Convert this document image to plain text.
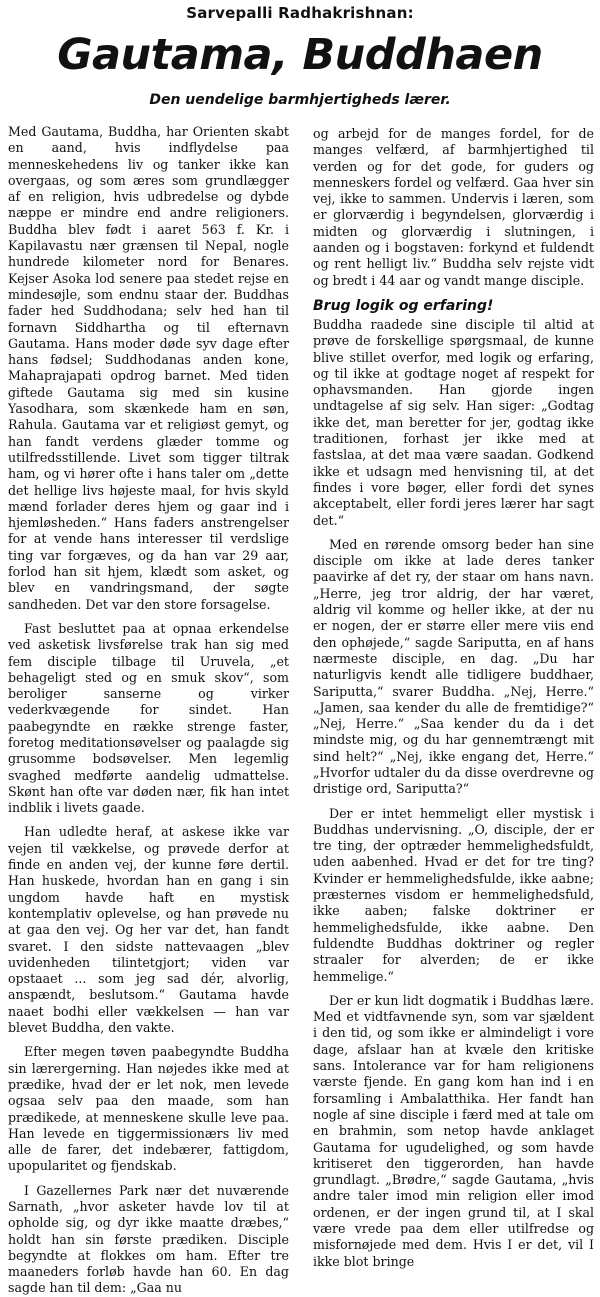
Sarvepalli Radhakrishnan:
Gautama, Buddhaen
Den uendelige barmhjertigheds lærer.

Med Gautama, Buddha, har Orienten skabt en aand, hvis indflydelse paa menneskehedens liv og tanker ikke kan overgaas, og som æres som grundlægger af en religion, hvis udbredelse og dybde næppe er mindre end andre religioners. Buddha blev født i aaret 563 f. Kr. i Kapilavastu nær grænsen til Nepal, nogle hundrede kilometer nord for Benares. Kejser Asoka lod senere paa stedet rejse en mindesøjle, som endnu staar der. Buddhas fader hed Suddhodana; selv hed han til fornavn Siddhartha og til efternavn Gautama. Hans moder døde syv dage efter hans fødsel; Suddhodanas anden kone, Mahaprajapati opdrog barnet. Med tiden giftede Gautama sig med sin kusine Yasodhara, som skænkede ham en søn, Rahula. Gautama var et religiøst gemyt, og han fandt verdens glæder tomme og utilfredsstillende. Livet som tigger tiltrak ham, og vi hører ofte i hans taler om „dette det hellige livs højeste maal, for hvis skyld mænd forlader deres hjem og gaar ind i hjemløsheden.“ Hans faders anstrengelser for at vende hans interesser til verdslige ting var forgæves, og da han var 29 aar, forlod han sit hjem, klædt som asket, og blev en vandringsmand, der søgte sandheden. Det var den store forsagelse.

Fast besluttet paa at opnaa erkendelse ved asketisk livsførelse trak han sig med fem disciple tilbage til Uruvela, „et behageligt sted og en smuk skov“, som beroliger sanserne og virker vederkvægende for sindet. Han paabegyndte en række strenge faster, foretog meditationsøvelser og paalagde sig grusomme bodsøvelser. Men legemlig svaghed medførte aandelig udmattelse. Skønt han ofte var døden nær, fik han intet indblik i livets gaade.

Han udledte heraf, at askese ikke var vejen til vækkelse, og prøvede derfor at finde en anden vej, der kunne føre dertil. Han huskede, hvordan han en gang i sin ungdom havde haft en mystisk kontemplativ oplevelse, og han prøvede nu at gaa den vej. Og her var det, han fandt svaret. I den sidste nattevaagen „blev uvidenheden tilintetgjort; viden var opstaaet ... som jeg sad dér, alvorlig, anspændt, beslutsom.“ Gautama havde naaet bodhi eller vækkelsen — han var blevet Buddha, den vakte.

Efter megen tøven paabegyndte Buddha sin lærergerning. Han nøjedes ikke med at prædike, hvad der er let nok, men levede ogsaa selv paa den maade, som han prædikede, at menneskene skulle leve paa. Han levede en tiggermissionærs liv med alle de farer, det indebærer, fattigdom, upopularitet og fjendskab.

I Gazellernes Park nær det nuværende Sarnath, „hvor asketer havde lov til at opholde sig, og dyr ikke maatte dræbes,“ holdt han sin første prædiken. Disciple begyndte at flokkes om ham. Efter tre maaneders forløb havde han 60. En dag sagde han til dem: „Gaa nu

og arbejd for de manges fordel, for de manges velfærd, af barmhjertighed til verden og for det gode, for guders og menneskers fordel og velfærd. Gaa hver sin vej, ikke to sammen. Undervis i læren, som er glorværdig i begyndelsen, glorværdig i midten og glorværdig i slutningen, i aanden og i bogstaven: forkynd et fuldendt og rent helligt liv.“ Buddha selv rejste vidt og bredt i 44 aar og vandt mange disciple.

Brug logik og erfaring!

Buddha raadede sine disciple til altid at prøve de forskellige spørgsmaal, de kunne blive stillet overfor, med logik og erfaring, og til ikke at godtage noget af respekt for ophavsmanden. Han gjorde ingen undtagelse af sig selv. Han siger: „Godtag ikke det, man beretter for jer, godtag ikke traditionen, forhast jer ikke med at fastslaa, at det maa være saadan. Godkend ikke et udsagn med henvisning til, at det findes i vore bøger, eller fordi det synes akceptabelt, eller fordi jeres lærer har sagt det.“

Med en rørende omsorg beder han sine disciple om ikke at lade deres tanker paavirke af det ry, der staar om hans navn. „Herre, jeg tror aldrig, der har været, aldrig vil komme og heller ikke, at der nu er nogen, der er større eller mere viis end den ophøjede,“ sagde Sariputta, en af hans nærmeste disciple, en dag. „Du har naturligvis kendt alle tidligere buddhaer, Sariputta,“ svarer Buddha. „Nej, Herre.“ „Jamen, saa kender du alle de fremtidige?“ „Nej, Herre.“ „Saa kender du da i det mindste mig, og du har gennemtrængt mit sind helt?“ „Nej, ikke engang det, Herre.“ „Hvorfor udtaler du da disse overdrevne og dristige ord, Sariputta?“

Der er intet hemmeligt eller mystisk i Buddhas undervisning. „O, disciple, der er tre ting, der optræder hemmelighedsfuldt, uden aabenhed. Hvad er det for tre ting? Kvinder er hemmelighedsfulde, ikke aabne; præsternes visdom er hemmelighedsfuld, ikke aaben; falske doktriner er hemmelighedsfulde, ikke aabne. Den fuldendte Buddhas doktriner og regler straaler for alverden; de er ikke hemmelige.“

Der er kun lidt dogmatik i Buddhas lære. Med et vidtfavnende syn, som var sjældent i den tid, og som ikke er almindeligt i vore dage, afslaar han at kvæle den kritiske sans. Intolerance var for ham religionens værste fjende. En gang kom han ind i en forsamling i Ambalatthika. Her fandt han nogle af sine disciple i færd med at tale om en brahmin, som netop havde anklaget Gautama for ugudelighed, og som havde kritiseret den tiggerorden, han havde grundlagt. „Brødre,“ sagde Gautama, „hvis andre taler imod min religion eller imod ordenen, er der ingen grund til, at I skal være vrede paa dem eller utilfredse og misfornøjede med dem. Hvis I er det, vil I ikke blot bringe
